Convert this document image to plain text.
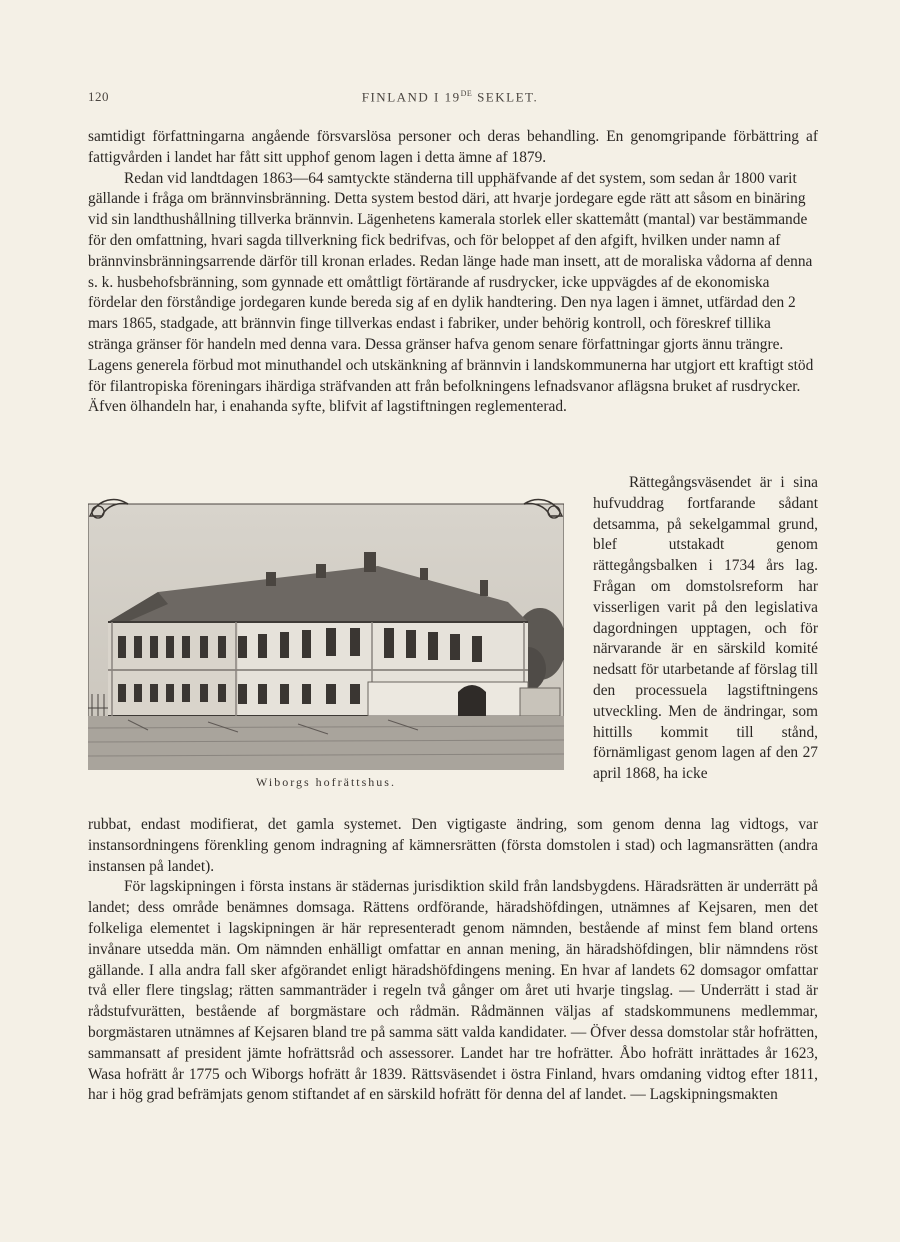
120	FINLAND I 19DE SEKLET.

samtidigt författningarna angående försvarslösa personer och deras behandling. En genomgripande förbättring af fattigvården i landet har fått sitt upphof genom lagen i detta ämne af 1879.

Redan vid landtdagen 1863—64 samtyckte ständerna till upphäfvande af det system, som sedan år 1800 varit gällande i fråga om brännvinsbränning. Detta system bestod däri, att hvarje jordegare egde rätt att såsom en binäring vid sin landthushållning tillverka brännvin. Lägenhetens kamerala storlek eller skattemått (mantal) var bestämmande för den omfattning, hvari sagda tillverkning fick bedrifvas, och för beloppet af den afgift, hvilken under namn af brännvinsbränningsarrende därför till kronan erlades. Redan länge hade man insett, att de moraliska vådorna af denna s. k. husbehofsbränning, som gynnade ett omåttligt förtärande af rusdrycker, icke uppvägdes af de ekonomiska fördelar den förståndige jordegaren kunde bereda sig af en dylik handtering. Den nya lagen i ämnet, utfärdad den 2 mars 1865, stadgade, att brännvin finge tillverkas endast i fabriker, under behörig kontroll, och föreskref tillika stränga gränser för handeln med denna vara. Dessa gränser hafva genom senare författningar gjorts ännu trängre. Lagens generela förbud mot minuthandel och utskänkning af brännvin i landskommunerna har utgjort ett kraftigt stöd för filantropiska föreningars ihärdiga sträfvanden att från befolkningens lefnadsvanor aflägsna bruket af rusdrycker. Äfven ölhandeln har, i enahanda syfte, blifvit af lagstiftningen reglementerad.

Wiborgs hofrättshus.

Rättegångsväsendet är i sina hufvuddrag fortfarande sådant detsamma, på sekelgammal grund, blef utstakadt genom rättegångsbalken i 1734 års lag. Frågan om domstolsreform har visserligen varit på den legislativa dagordningen upptagen, och för närvarande är en särskild komité nedsatt för utarbetande af förslag till den processuela lagstiftningens utveckling. Men de ändringar, som hittills kommit till stånd, förnämligast genom lagen af den 27 april 1868, ha icke

rubbat, endast modifierat, det gamla systemet. Den vigtigaste ändring, som genom denna lag vidtogs, var instansordningens förenkling genom indragning af kämnersrätten (första domstolen i stad) och lagmansrätten (andra instansen på landet).

För lagskipningen i första instans är städernas jurisdiktion skild från landsbygdens. Häradsrätten är underrätt på landet; dess område benämnes domsaga. Rättens ordförande, häradshöfdingen, utnämnes af Kejsaren, men det folkeliga elementet i lagskipningen är här representeradt genom nämnden, bestående af minst fem bland ortens invånare utsedda män. Om nämnden enhälligt omfattar en annan mening, än häradshöfdingen, blir nämndens röst gällande. I alla andra fall sker afgörandet enligt häradshöfdingens mening. En hvar af landets 62 domsagor omfattar två eller flere tingslag; rätten sammanträder i regeln två gånger om året uti hvarje tingslag. — Underrätt i stad är rådstufvurätten, bestående af borgmästare och rådmän. Rådmännen väljas af stadskommunens medlemmar, borgmästaren utnämnes af Kejsaren bland tre på samma sätt valda kandidater. — Öfver dessa domstolar står hofrätten, sammansatt af president jämte hofrättsråd och assessorer. Landet har tre hofrätter. Åbo hofrätt inrättades år 1623, Wasa hofrätt år 1775 och Wiborgs hofrätt år 1839. Rättsväsendet i östra Finland, hvars omdaning vidtog efter 1811, har i hög grad befrämjats genom stiftandet af en särskild hofrätt för denna del af landet. — Lagskipningsmakten
